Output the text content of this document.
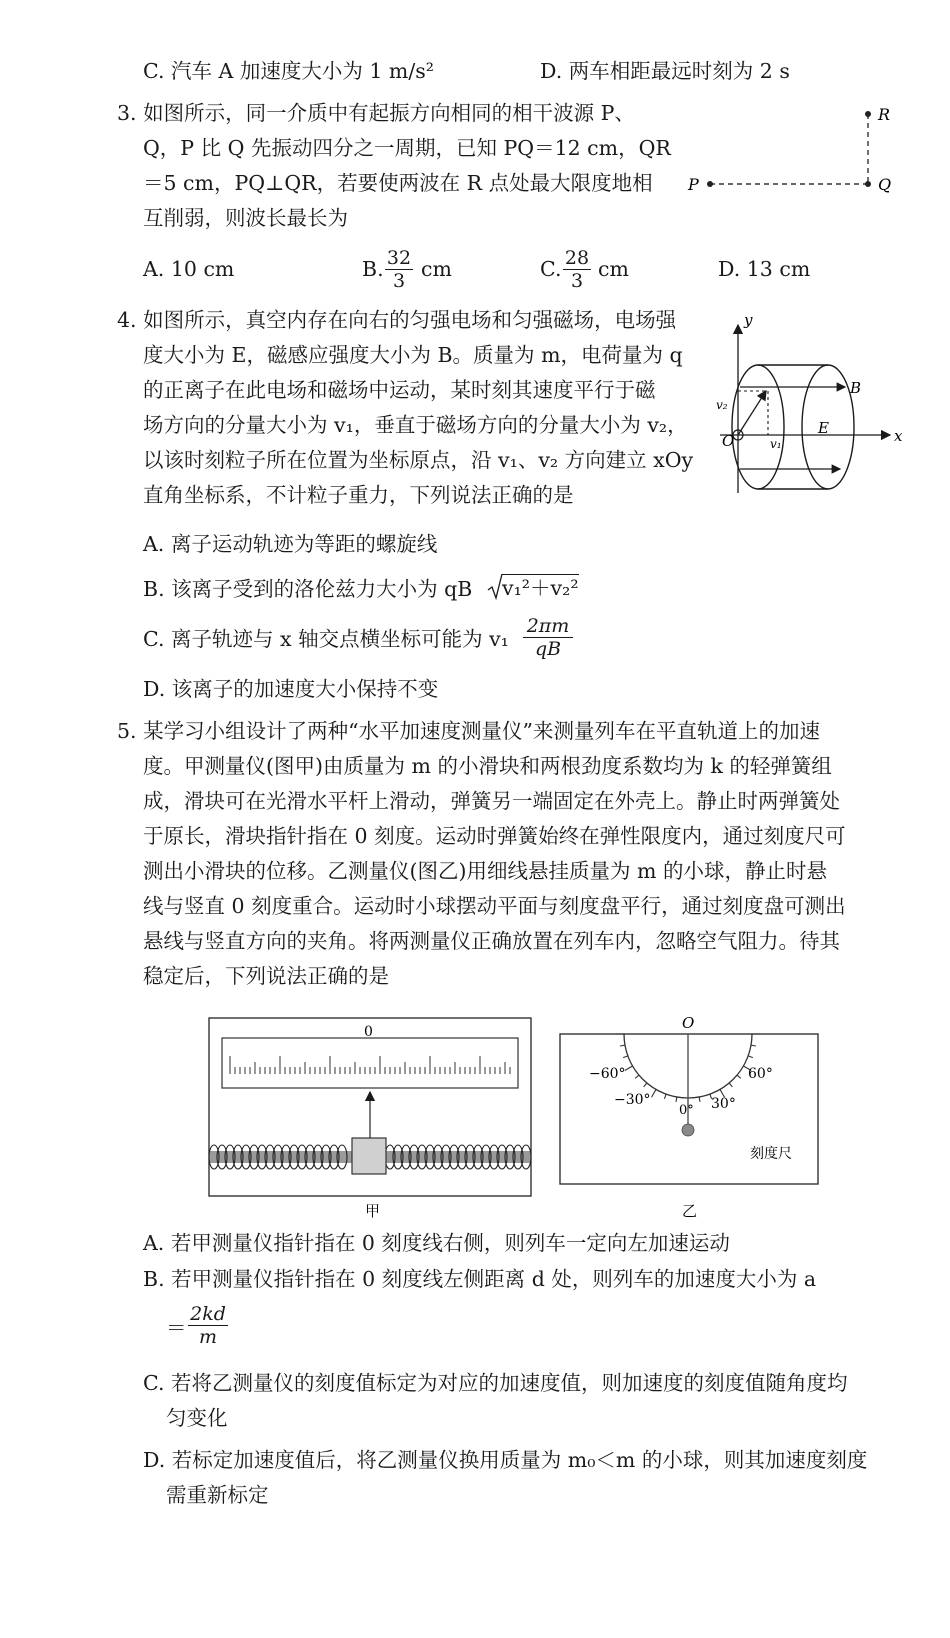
C. 汽车 A 加速度大小为 1 m/s²	D. 两车相距最远时刻为 2 s
3. 如图所示，同一介质中有起振方向相同的相干波源 P、
Q，P 比 Q 先振动四分之一周期，已知 PQ＝12 cm，QR
＝5 cm，PQ⊥QR，若要使两波在 R 点处最大限度地相
互削弱，则波长最长为
P	Q
R
A. 10 cm	B. $\frac{32}{3}$ cm	C. $\frac{28}{3}$ cm	D. 13 cm
4. 如图所示，真空内存在向右的匀强电场和匀强磁场，电场强
度大小为 E，磁感应强度大小为 B。质量为 m，电荷量为 q
的正离子在此电场和磁场中运动，某时刻其速度平行于磁
场方向的分量大小为 v₁，垂直于磁场方向的分量大小为 v₂，
以该时刻粒子所在位置为坐标原点，沿 v₁、v₂ 方向建立 xOy
直角坐标系，不计粒子重力，下列说法正确的是
y
x
O
B
E
v₁
v₂
A. 离子运动轨迹为等距的螺旋线
B. 该离子受到的洛伦兹力大小为 qB v₁²＋v₂²
C. 离子轨迹与 x 轴交点横坐标可能为 $v_1 \frac{2\pi m}{qB}$
D. 该离子的加速度大小保持不变
5. 某学习小组设计了两种“水平加速度测量仪”来测量列车在平直轨道上的加速
度。甲测量仪(图甲)由质量为 m 的小滑块和两根劲度系数均为 k 的轻弹簧组
成，滑块可在光滑水平杆上滑动，弹簧另一端固定在外壳上。静止时两弹簧处
于原长，滑块指针指在 0 刻度。运动时弹簧始终在弹性限度内，通过刻度尺可
测出小滑块的位移。乙测量仪(图乙)用细线悬挂质量为 m 的小球，静止时悬
线与竖直 0 刻度重合。运动时小球摆动平面与刻度盘平行，通过刻度盘可测出
悬线与竖直方向的夹角。将两测量仪正确放置在列车内，忽略空气阻力。待其
稳定后，下列说法正确的是
0
甲
O
−60°	60°
−30°	30°
0°
刻度尺
乙
A. 若甲测量仪指针指在 0 刻度线右侧，则列车一定向左加速运动
B. 若甲测量仪指针指在 0 刻度线左侧距离 d 处，则列车的加速度大小为 a
＝ $\frac{2kd}{m}$
C. 若将乙测量仪的刻度值标定为对应的加速度值，则加速度的刻度值随角度均
匀变化
D. 若标定加速度值后，将乙测量仪换用质量为 m₀＜m 的小球，则其加速度刻度
需重新标定
